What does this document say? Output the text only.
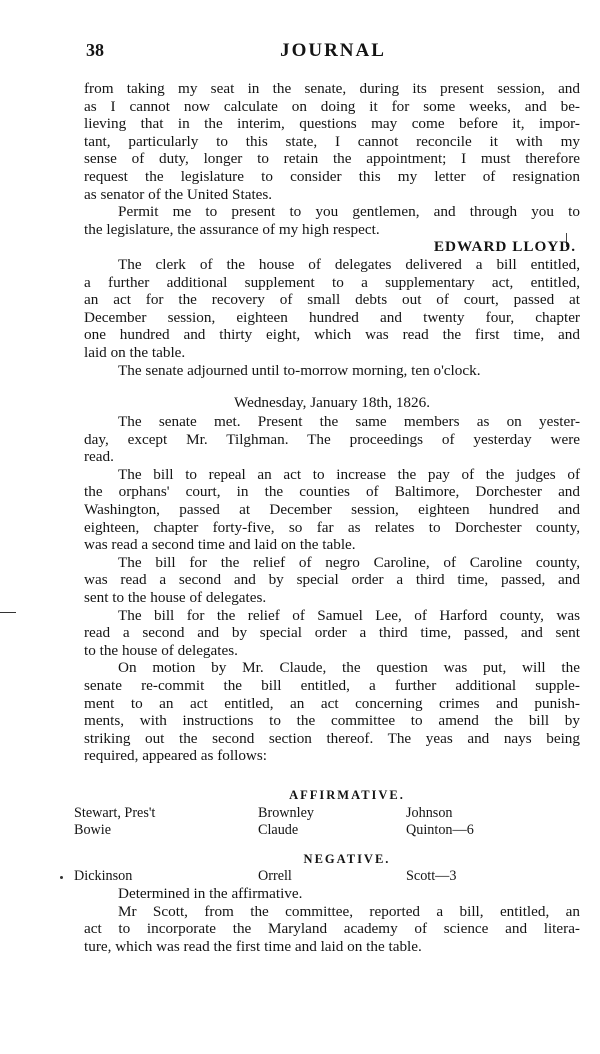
38	JOURNAL
from taking my seat in the senate, during its present session, and
as I cannot now calculate on doing it for some weeks, and be-
lieving that in the interim, questions may come before it, impor-
tant, particularly to this state, I cannot reconcile it with my
sense of duty, longer to retain the appointment; I must therefore
request the legislature to consider this my letter of resignation
as senator of the United States.
Permit me to present to you gentlemen, and through you to
the legislature, the assurance of my high respect.
EDWARD LLOYD.
The clerk of the house of delegates delivered a bill entitled,
a further additional supplement to a supplementary act, entitled,
an act for the recovery of small debts out of court, passed at
December session, eighteen hundred and twenty four, chapter
one hundred and thirty eight, which was read the first time, and
laid on the table.
The senate adjourned until to-morrow morning, ten o'clock.
Wednesday, January 18th, 1826.
The senate met. Present the same members as on yester-
day, except Mr. Tilghman. The proceedings of yesterday were
read.
The bill to repeal an act to increase the pay of the judges of
the orphans' court, in the counties of Baltimore, Dorchester and
Washington, passed at December session, eighteen hundred and
eighteen, chapter forty-five, so far as relates to Dorchester county,
was read a second time and laid on the table.
The bill for the relief of negro Caroline, of Caroline county,
was read a second and by special order a third time, passed, and
sent to the house of delegates.
The bill for the relief of Samuel Lee, of Harford county, was
read a second and by special order a third time, passed, and sent
to the house of delegates.
On motion by Mr. Claude, the question was put, will the
senate re-commit the bill entitled, a further additional supple-
ment to an act entitled, an act concerning crimes and punish-
ments, with instructions to the committee to amend the bill by
striking out the second section thereof. The yeas and nays being
required, appeared as follows:
AFFIRMATIVE.
Stewart, Pres't	Brownley	Johnson
Bowie	Claude	Quinton—6
NEGATIVE.
Dickinson	Orrell	Scott—3
Determined in the affirmative.
Mr Scott, from the committee, reported a bill, entitled, an
act to incorporate the Maryland academy of science and litera-
ture, which was read the first time and laid on the table.
